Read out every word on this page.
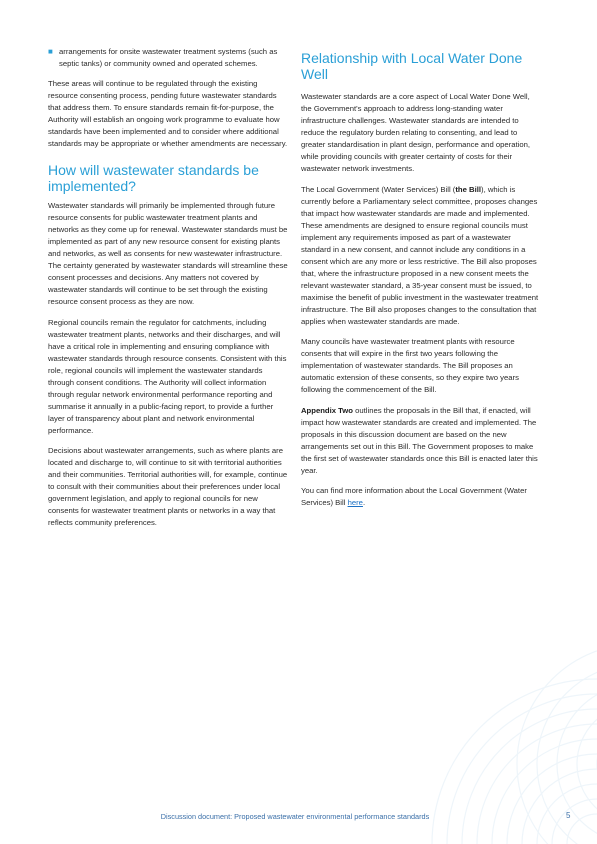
■ arrangements for onsite wastewater treatment systems (such as septic tanks) or community owned and operated schemes.

These areas will continue to be regulated through the existing resource consenting process, pending future wastewater standards that address them. To ensure standards remain fit-for-purpose, the Authority will establish an ongoing work programme to evaluate how standards have been implemented and to consider where additional standards may be appropriate or whether amendments are necessary.

How will wastewater standards be implemented?

Wastewater standards will primarily be implemented through future resource consents for public wastewater treatment plants and networks as they come up for renewal. Wastewater standards must be implemented as part of any new resource consent for existing plants and networks, as well as consents for new wastewater infrastructure. The certainty generated by wastewater standards will streamline these consent processes and decisions. Any matters not covered by wastewater standards will continue to be set through the existing resource consent process as they are now.

Regional councils remain the regulator for catchments, including wastewater treatment plants, networks and their discharges, and will have a critical role in implementing and ensuring compliance with wastewater standards through resource consents. Consistent with this role, regional councils will implement the wastewater standards through consent conditions. The Authority will collect information through regular network environmental performance reporting and summarise it annually in a public-facing report, to provide a further layer of transparency about plant and network environmental performance.

Decisions about wastewater arrangements, such as where plants are located and discharge to, will continue to sit with territorial authorities and their communities. Territorial authorities will, for example, continue to consult with their communities about their preferences under local government legislation, and apply to regional councils for new consents for wastewater treatment plants or networks in a way that reflects community preferences.

Relationship with Local Water Done Well

Wastewater standards are a core aspect of Local Water Done Well, the Government's approach to address long-standing water infrastructure challenges. Wastewater standards are intended to reduce the regulatory burden relating to consenting, and lead to greater standardisation in plant design, performance and operation, while providing councils with greater certainty of costs for their wastewater network investments.

The Local Government (Water Services) Bill (the Bill), which is currently before a Parliamentary select committee, proposes changes that impact how wastewater standards are made and implemented. These amendments are designed to ensure regional councils must implement any requirements imposed as part of a wastewater standard in a new consent, and cannot include any conditions in a consent which are any more or less restrictive. The Bill also proposes that, where the infrastructure proposed in a new consent meets the relevant wastewater standard, a 35-year consent must be issued, to maximise the benefit of public investment in the wastewater treatment infrastructure. The Bill also proposes changes to the consultation that applies when wastewater standards are made.

Many councils have wastewater treatment plants with resource consents that will expire in the first two years following the implementation of wastewater standards. The Bill proposes an automatic extension of these consents, so they expire two years following the commencement of the Bill.

Appendix Two outlines the proposals in the Bill that, if enacted, will impact how wastewater standards are created and implemented. The proposals in this discussion document are based on the new arrangements set out in this Bill. The Government proposes to make the first set of wastewater standards once this Bill is enacted later this year.

You can find more information about the Local Government (Water Services) Bill here.

Discussion document: Proposed wastewater environmental performance standards	5
